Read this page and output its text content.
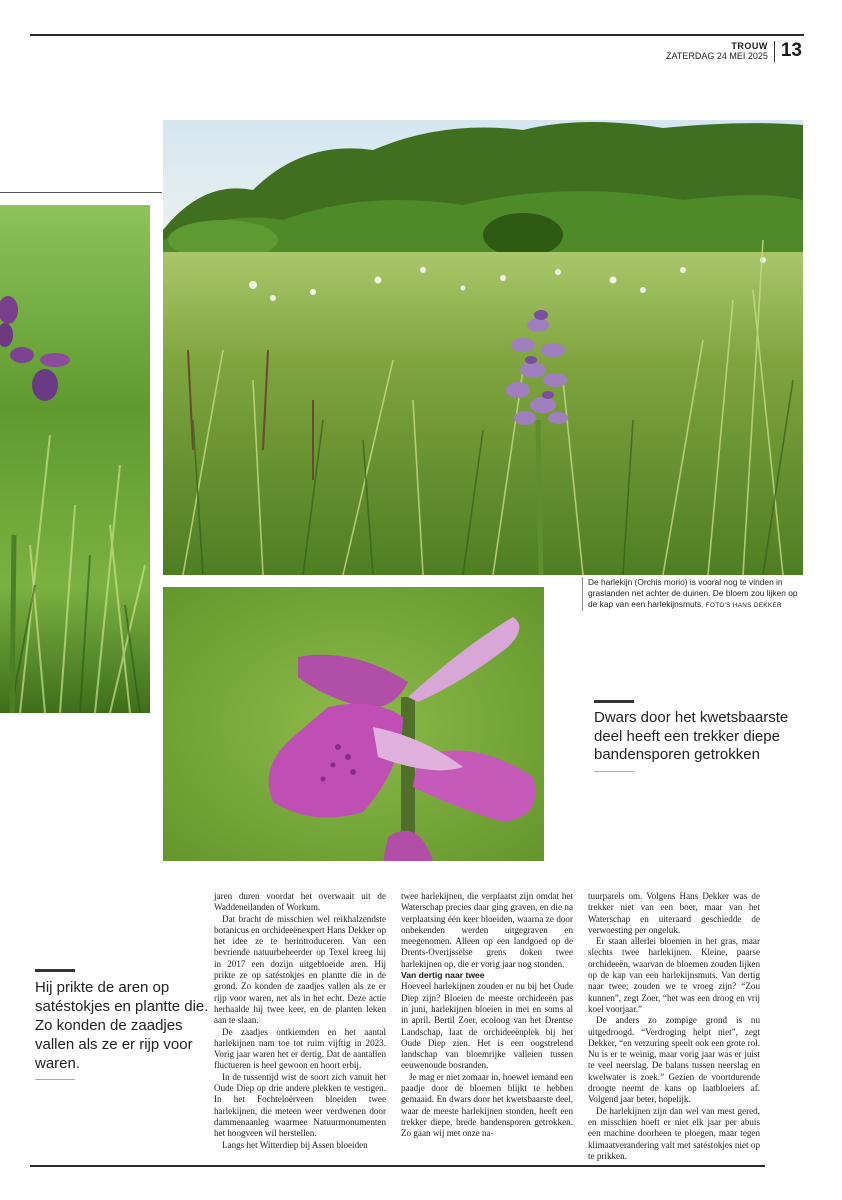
TROUW
ZATERDAG 24 MEI 2025 13
De harlekijn (Orchis morio) is vooral nog te vinden in graslanden net achter de duinen. De bloem zou lijken op de kap van een harlekijnsmuts. FOTO'S HANS DEKKER
Dwars door het kwetsbaarste deel heeft een trekker diepe bandensporen getrokken
Hij prikte de aren op satéstokjes en plantte die. Zo konden de zaadjes vallen als ze er rijp voor waren.

jaren duren voordat het overwaait uit de Waddeneilanden of Workum.

Dat bracht de misschien wel reikhalzendste botanicus en orchideeënexpert Hans Dekker op het idee ze te herintroduceren. Van een bevriende natuurbeheerder op Texel kreeg hij in 2017 een dozijn uitgebloeide aren. Hij prikte ze op satéstokjes en plantte die in de grond. Zo konden de zaadjes vallen als ze er rijp voor waren, net als in het echt. Deze actie herhaalde hij twee keer, en de planten leken aan te slaan.

De zaadjes ontkiemden en het aantal harlekijnen nam toe tot ruim vijftig in 2023. Vorig jaar waren het er dertig. Dat de aantallen fluctueren is heel gewoon en hoort erbij.

In de tussentijd wist de soort zich vanuit het Oude Diep op drie andere plekken te vestigen. In het Fochteloërveen bloeiden twee harlekijnen, die meteen weer verdwenen door dammenaanleg waarmee Natuurmonumenten het hoogveen wil herstellen.

Langs het Witterdiep bij Assen bloeiden

twee harlekijnen, die verplaatst zijn omdat het Waterschap precies daar ging graven, en die na verplaatsing één keer bloeiden, waarna ze door onbekenden werden uitgegraven en meegenomen. Alleen op een landgoed op de Drents-Overijsselse grens doken twee harlekijnen op, die er vorig jaar nog stonden.

Van dertig naar twee

Hoeveel harlekijnen zouden er nu bij het Oude Diep zijn? Bloeien de meeste orchideeën pas in juni, harlekijnen bloeien in mei en soms al in april. Bertil Zoer, ecoloog van het Drentse Landschap, laat de orchideeënplek bij het Oude Diep zien. Het is een oogstrelend landschap van bloemrijke valleien tussen eeuwenoude bosranden.

Je mag er niet zomaar in, hoewel iemand een paadje door de bloemen blijkt te hebben gemaaid. En dwars door het kwetsbaarste deel, waar de meeste harlekijnen stonden, heeft een trekker diepe, brede bandensporen getrokken. Zo gaan wij met onze na-

tuurparels om. Volgens Hans Dekker was de trekker niet van een boer, maar van het Waterschap en uiteraard geschiedde de verwoesting per ongeluk.

Er staan allerlei bloemen in het gras, maar slechts twee harlekijnen. Kleine, paarse orchideeën, waarvan de bloemen zouden lijken op de kap van een harlekijnsmuts. Van dertig naar twee; zouden we te vroeg zijn? “Zou kunnen”, zegt Zoer, “het was een droog en vrij koel voorjaar.”

De anders zo zompige grond is nu uitgedroogd. “Verdroging helpt niet”, zegt Dekker, “en verzuring speelt ook een grote rol. Nu is er te weinig, maar vorig jaar was er juist te veel neerslag. De balans tussen neerslag en kwelwater is zoek.” Gezien de voortdurende droogte neemt de kans op laatbloeiers af. Volgend jaar beter, hopelijk.

De harlekijnen zijn dan wel van mest gered, en misschien hoeft er niet elk jaar per abuis een machine doorheen te ploegen, maar tegen klimaatverandering valt met satéstokjes niet op te prikken.
